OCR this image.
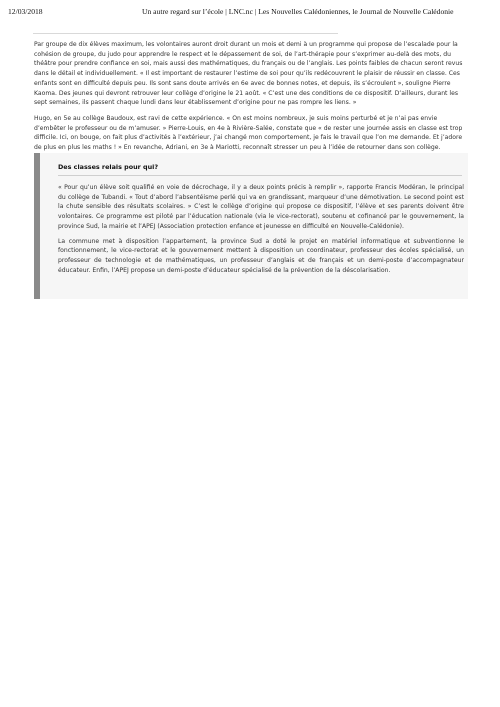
12/03/2018	Un autre regard sur l’école | LNC.nc | Les Nouvelles Calédoniennes, le Journal de Nouvelle Calédonie

Par groupe de dix élèves maximum, les volontaires auront droit durant un mois et demi à un programme qui propose de l’escalade pour la cohésion de groupe, du judo pour apprendre le respect et le dépassement de soi, de l’art-thérapie pour s’exprimer au-delà des mots, du théâtre pour prendre confiance en soi, mais aussi des mathématiques, du français ou de l’anglais. Les points faibles de chacun seront revus dans le détail et individuellement. « Il est important de restaurer l’estime de soi pour qu’ils redécouvrent le plaisir de réussir en classe. Ces enfants sont en difficulté depuis peu. Ils sont sans doute arrivés en 6e avec de bonnes notes, et depuis, ils s’écroulent », souligne Pierre Kaoma. Des jeunes qui devront retrouver leur collège d’origine le 21 août. « C’est une des conditions de ce dispositif. D’ailleurs, durant les sept semaines, ils passent chaque lundi dans leur établissement d’origine pour ne pas rompre les liens. »

Hugo, en 5e au collège Baudoux, est ravi de cette expérience. « On est moins nombreux, je suis moins perturbé et je n’ai pas envie d’embêter le professeur ou de m’amuser. » Pierre-Louis, en 4e à Rivière-Salée, constate que « de rester une journée assis en classe est trop difficile. Ici, on bouge, on fait plus d’activités à l’extérieur, j’ai changé mon comportement, je fais le travail que l’on me demande. Et j’adore de plus en plus les maths ! » En revanche, Adriani, en 3e à Mariotti, reconnaît stresser un peu à l’idée de retourner dans son collège.

Des classes relais pour qui?

« Pour qu’un élève soit qualifié en voie de décrochage, il y a deux points précis à remplir », rapporte Francis Modéran, le principal du collège de Tubandi. « Tout d’abord l’absentéisme perlé qui va en grandissant, marqueur d’une démotivation. Le second point est la chute sensible des résultats scolaires. » C’est le collège d’origine qui propose ce dispositif, l’élève et ses parents doivent être volontaires. Ce programme est piloté par l’éducation nationale (via le vice-rectorat), soutenu et cofinancé par le gouvernement, la province Sud, la mairie et l’APEJ (Association protection enfance et jeunesse en difficulté en Nouvelle-Calédonie).

La commune met à disposition l’appartement, la province Sud a doté le projet en matériel informatique et subventionne le fonctionnement, le vice-rectorat et le gouvernement mettent à disposition un coordinateur, professeur des écoles spécialisé, un professeur de technologie et de mathématiques, un professeur d’anglais et de français et un demi-poste d’accompagnateur éducateur. Enfin, l’APEJ propose un demi-poste d’éducateur spécialisé de la prévention de la déscolarisation.
